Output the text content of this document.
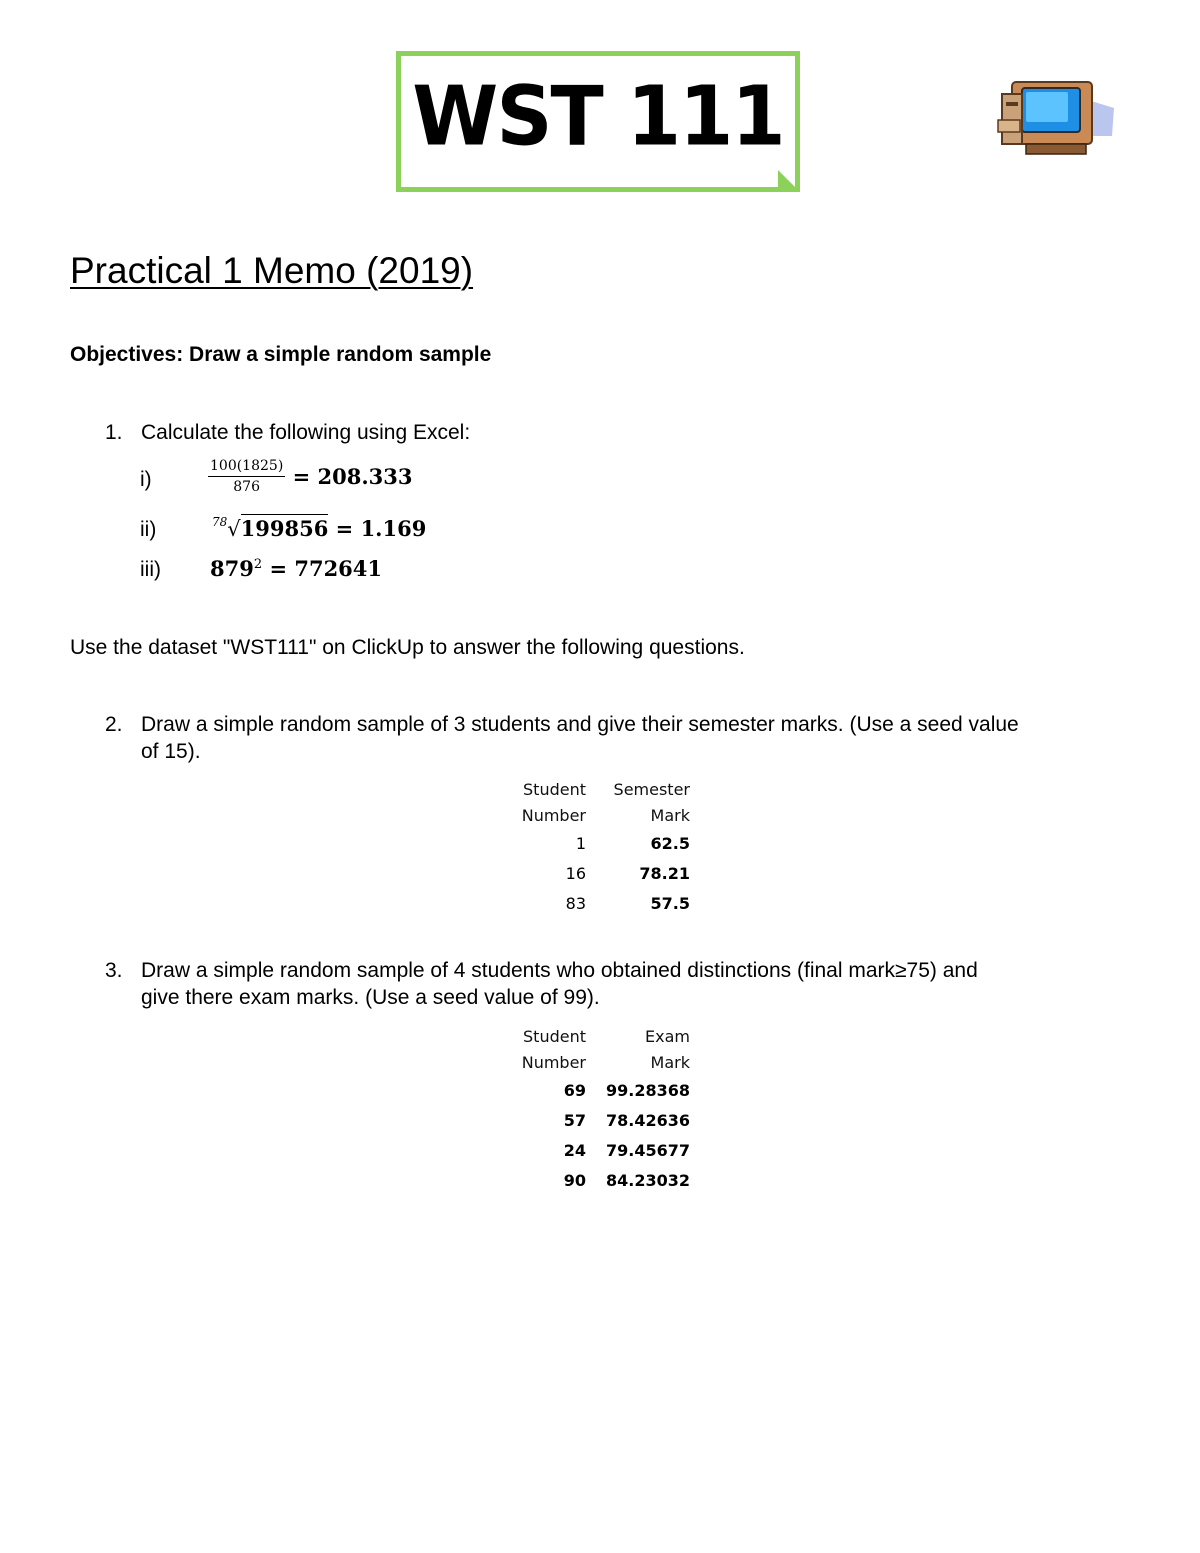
WST 111
Practical 1 Memo (2019)
Objectives: Draw a simple random sample
1. Calculate the following using Excel:
i)	$\frac{100(1825)}{876} = 208.333$
ii)	$^{78}$√199856 = 1.169
iii) $879^2 = 772641$
Use the dataset "WST111" on ClickUp to answer the following questions.
2. Draw a simple random sample of 3 students and give their semester marks. (Use a seed value
of 15).
Student	Semester
Number	Mark
1	62.5
16	78.21
83	57.5
3. Draw a simple random sample of 4 students who obtained distinctions (final mark≥75) and
give there exam marks. (Use a seed value of 99).
Student	Exam
Number	Mark
69	99.28368
57	78.42636
24	79.45677
90	84.23032
